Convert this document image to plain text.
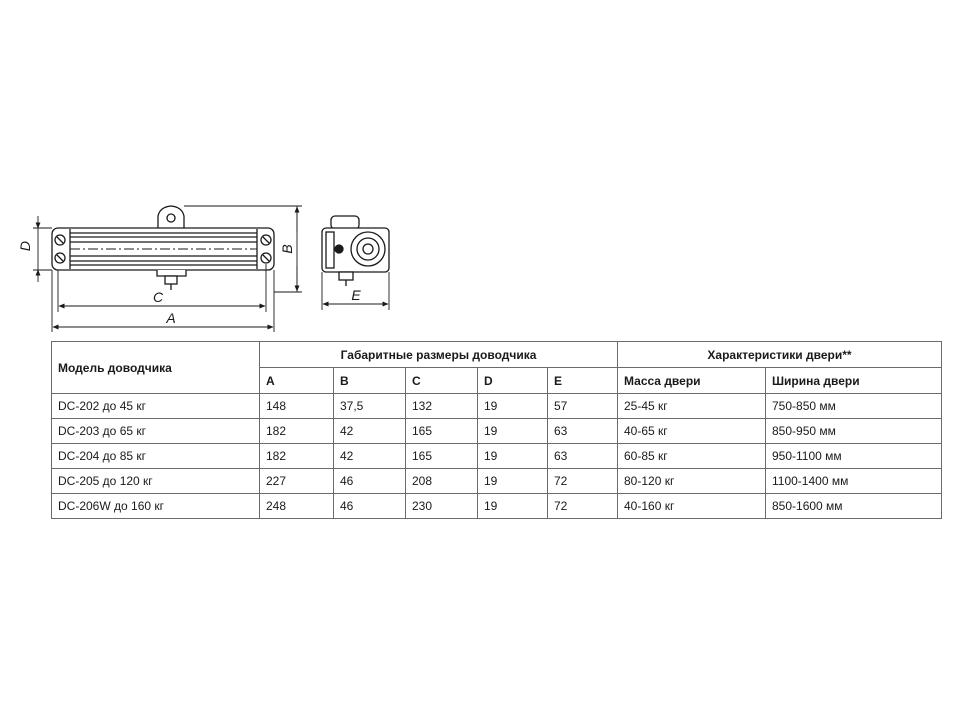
D	B
C
A
E
Модель доводчика	Габаритные размеры доводчика					Характеристики двери**	
	A	B	C	D	E	Масса двери	Ширина двери
DC-202 до 45 кг	148	37,5	132	19	57	25-45 кг	750-850 мм
DC-203 до 65 кг	182	42	165	19	63	40-65 кг	850-950 мм
DC-204 до 85 кг	182	42	165	19	63	60-85 кг	950-1100 мм
DC-205 до 120 кг	227	46	208	19	72	80-120 кг	1100-1400 мм
DC-206W до 160 кг	248	46	230	19	72	40-160 кг	850-1600 мм
